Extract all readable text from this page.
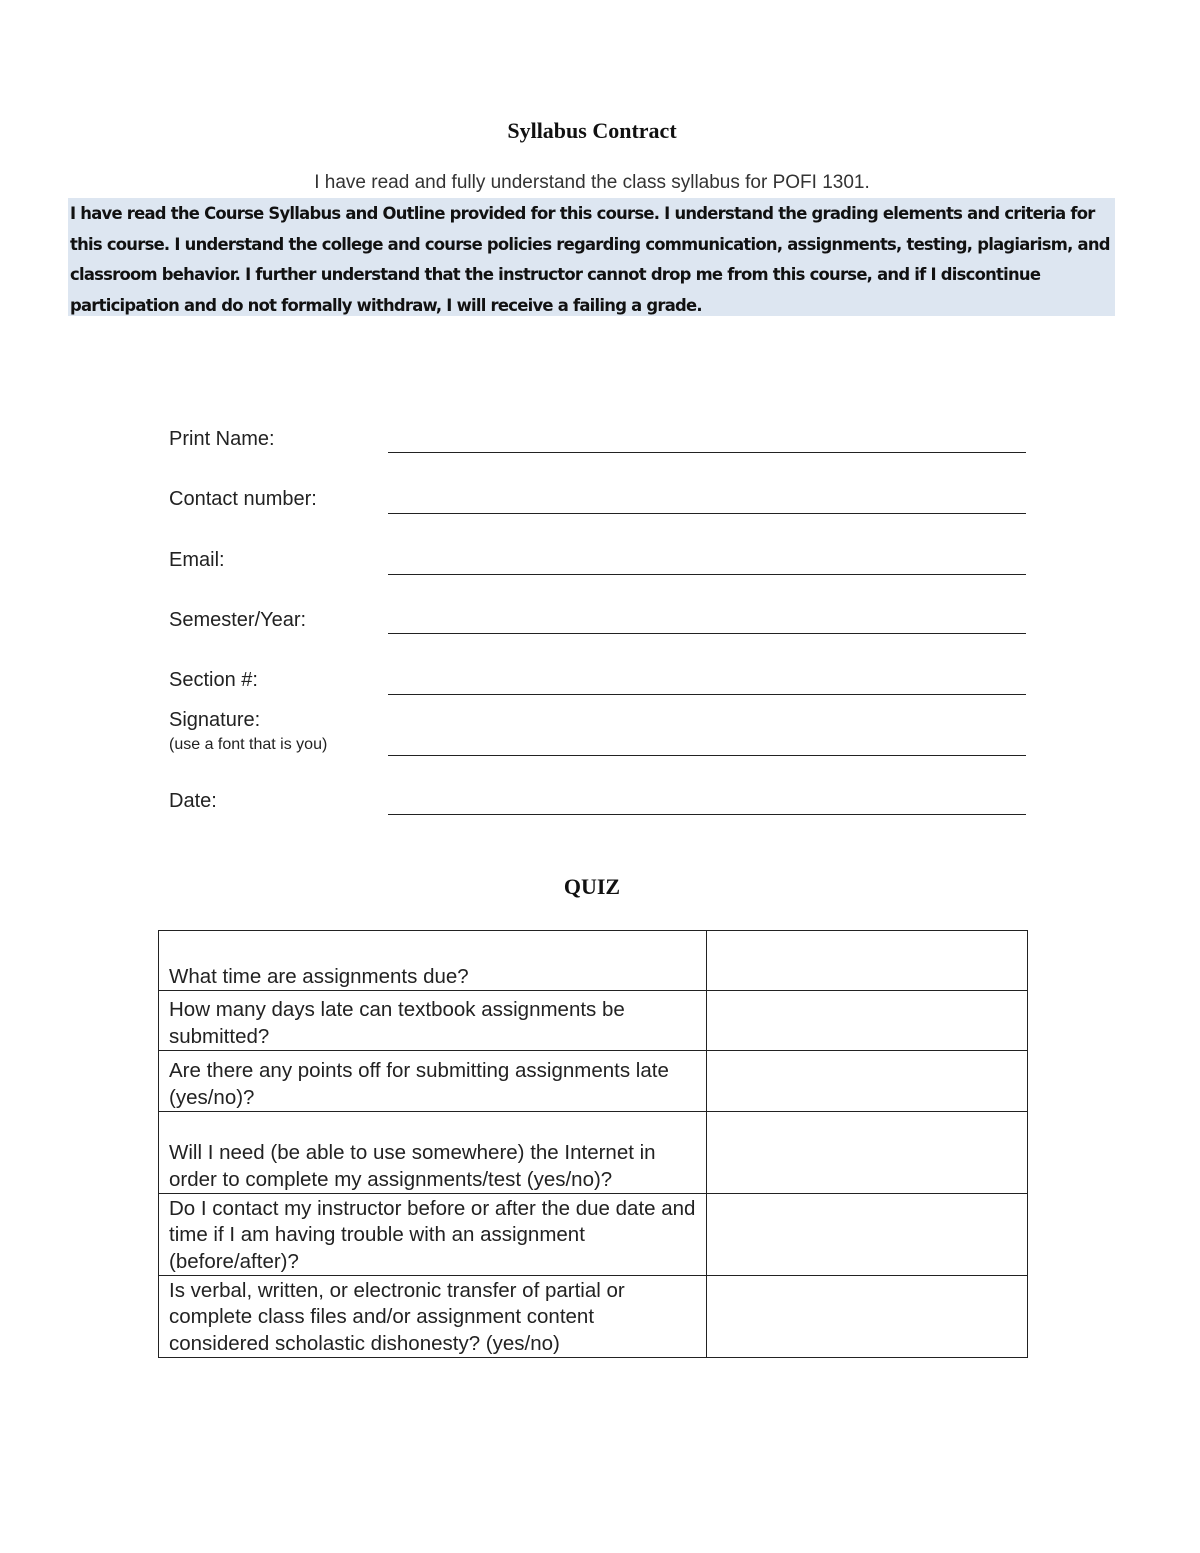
Syllabus Contract
I have read and fully understand the class syllabus for POFI 1301.
I have read the Course Syllabus and Outline provided for this course. I understand the grading elements and criteria for this course. I understand the college and course policies regarding communication, assignments, testing, plagiarism, and classroom behavior. I further understand that the instructor cannot drop me from this course, and if I discontinue participation and do not formally withdraw, I will receive a failing a grade.
Print Name:
Contact number:
Email:
Semester/Year:
Section #:
Signature:
(use a font that is you)
Date:
QUIZ
What time are assignments due?	
How many days late can textbook assignments be submitted?	
Are there any points off for submitting assignments late (yes/no)?	
Will I need (be able to use somewhere) the Internet in order to complete my assignments/test (yes/no)?	
Do I contact my instructor before or after the due date and time if I am having trouble with an assignment (before/after)?	
Is verbal, written, or electronic transfer of partial or complete class files and/or assignment content considered scholastic dishonesty? (yes/no)	
